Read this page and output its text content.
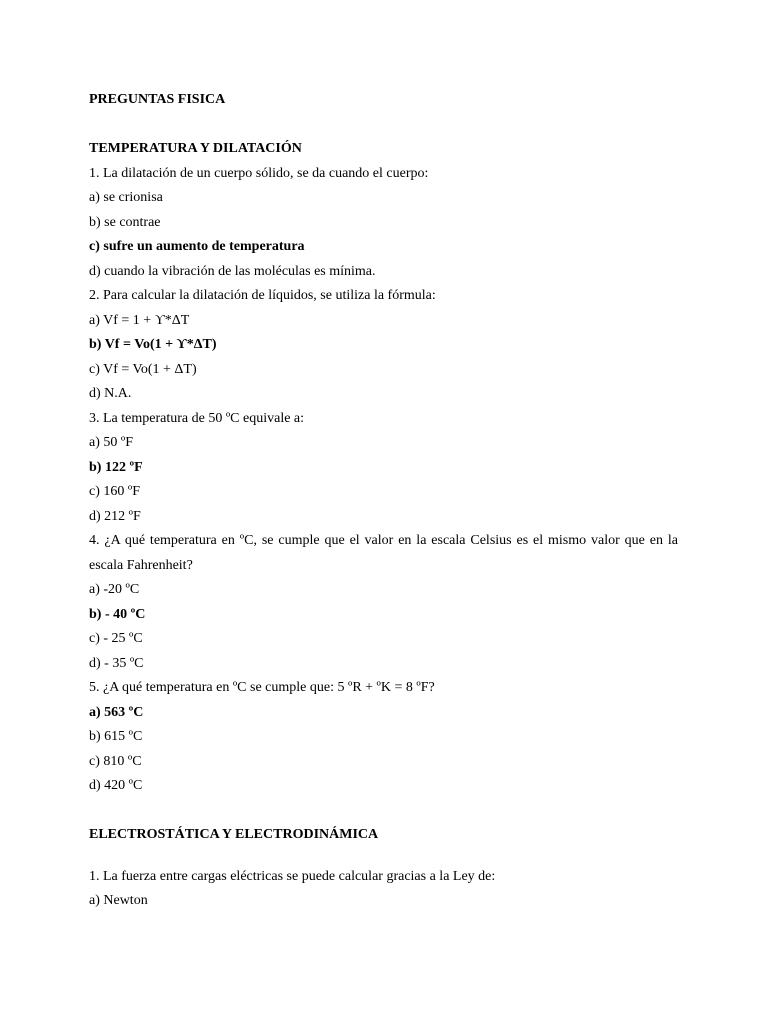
PREGUNTAS FISICA

TEMPERATURA Y DILATACIÓN

1. La dilatación de un cuerpo sólido, se da cuando el cuerpo:

a) se crionisa

b) se contrae

c) sufre un aumento de temperatura

d) cuando la vibración de las moléculas es mínima.

2. Para calcular la dilatación de líquidos, se utiliza la fórmula:

a) Vf = 1 + ϒ*ΔT

b) Vf = Vo(1 + ϒ*ΔT)

c) Vf = Vo(1 + ΔT)

d) N.A.

3. La temperatura de 50 ºC equivale a:

a) 50 ºF

b) 122 ºF

c) 160 ºF

d) 212 ºF

4. ¿A qué temperatura en ºC, se cumple que el valor en la escala Celsius es el mismo valor que en la escala Fahrenheit?

a) -20 ºC

b) - 40 ºC

c) - 25 ºC

d) - 35 ºC

5. ¿A qué temperatura en ºC se cumple que: 5 ºR + ºK = 8 ºF?

a) 563 ºC

b) 615 ºC

c) 810 ºC

d) 420 ºC

ELECTROSTÁTICA Y ELECTRODINÁMICA

1. La fuerza entre cargas eléctricas se puede calcular gracias a la Ley de:

a) Newton
